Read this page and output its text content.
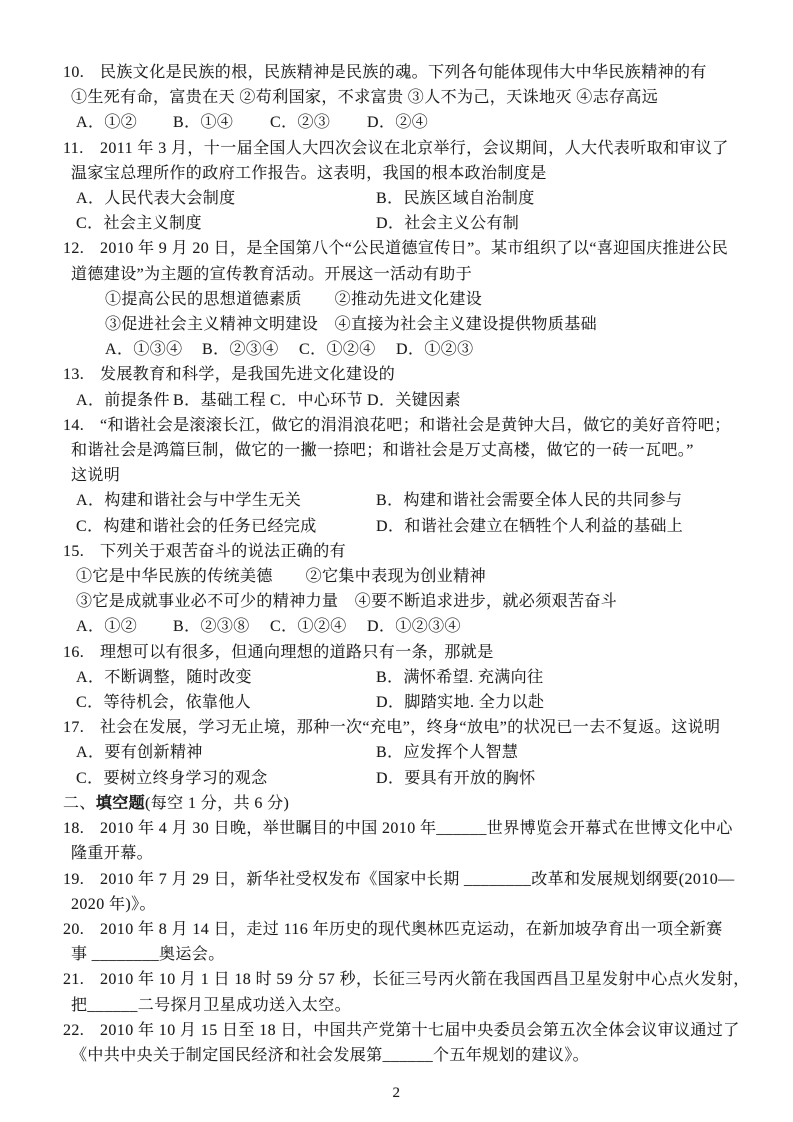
10. 民族文化是民族的根，民族精神是民族的魂。下列各句能体现伟大中华民族精神的有
①生死有命，富贵在天 ②苟利国家，不求富贵 ③人不为己，天诛地灭 ④志存高远
A．①② B．①④ C．②③ D．②④
11.	2011 年 3 月，十一届全国人大四次会议在北京举行，会议期间，人大代表听取和审议了
温家宝总理所作的政府工作报告。这表明，我国的根本政治制度是
A．人民代表大会制度	B．民族区域自治制度
C．社会主义制度	D．社会主义公有制
12. 2010 年 9 月 20 日，是全国第八个“公民道德宣传日”。某市组织了以“喜迎国庆推进公民
道德建设”为主题的宣传教育活动。开展这一活动有助于
①提高公民的思想道德素质　　②推动先进文化建设
③促进社会主义精神文明建设　④直接为社会主义建设提供物质基础
A．①③④ B．②③④ C．①②④ D．①②③
13. 发展教育和科学，是我国先进文化建设的
A．前提条件 B．基础工程 C．中心环节 D．关键因素
14. “和谐社会是滚滚长江，做它的涓涓浪花吧；和谐社会是黄钟大吕，做它的美好音符吧；
和谐社会是鸿篇巨制，做它的一撇一捺吧；和谐社会是万丈高楼，做它的一砖一瓦吧。”
这说明
A．构建和谐社会与中学生无关	B．构建和谐社会需要全体人民的共同参与
C．构建和谐社会的任务已经完成	D．和谐社会建立在牺牲个人利益的基础上
15. 下列关于艰苦奋斗的说法正确的有
①它是中华民族的传统美德　　②它集中表现为创业精神
③它是成就事业必不可少的精神力量　④要不断追求进步，就必须艰苦奋斗
A．①② B．②③⑧ C．①②④ D．①②③④
16. 理想可以有很多，但通向理想的道路只有一条，那就是
A．不断调整，随时改变	B．满怀希望. 充满向往
C．等待机会，依靠他人	D．脚踏实地. 全力以赴
17. 社会在发展，学习无止境，那种一次“充电”，终身“放电”的状况已一去不复返。这说明
A．要有创新精神	B．应发挥个人智慧
C．要树立终身学习的观念	D．要具有开放的胸怀
二、填空题(每空 1 分，共 6 分)
18. 2010 年 4 月 30 日晚，举世瞩目的中国 2010 年______世界博览会开幕式在世博文化中心
隆重开幕。
19. 2010 年 7 月 29 日，新华社受权发布《国家中长期 ________改革和发展规划纲要(2010—
2020 年)》。
20. 2010 年 8 月 14 日，走过 116 年历史的现代奥林匹克运动，在新加坡孕育出一项全新赛
事 ________奥运会。
21. 2010 年 10 月 1 日 18 时 59 分 57 秒，长征三号丙火箭在我国西昌卫星发射中心点火发射，
把______二号探月卫星成功送入太空。
22. 2010 年 10 月 15 日至 18 日，中国共产党第十七届中央委员会第五次全体会议审议通过了
《中共中央关于制定国民经济和社会发展第______个五年规划的建议》。
2
